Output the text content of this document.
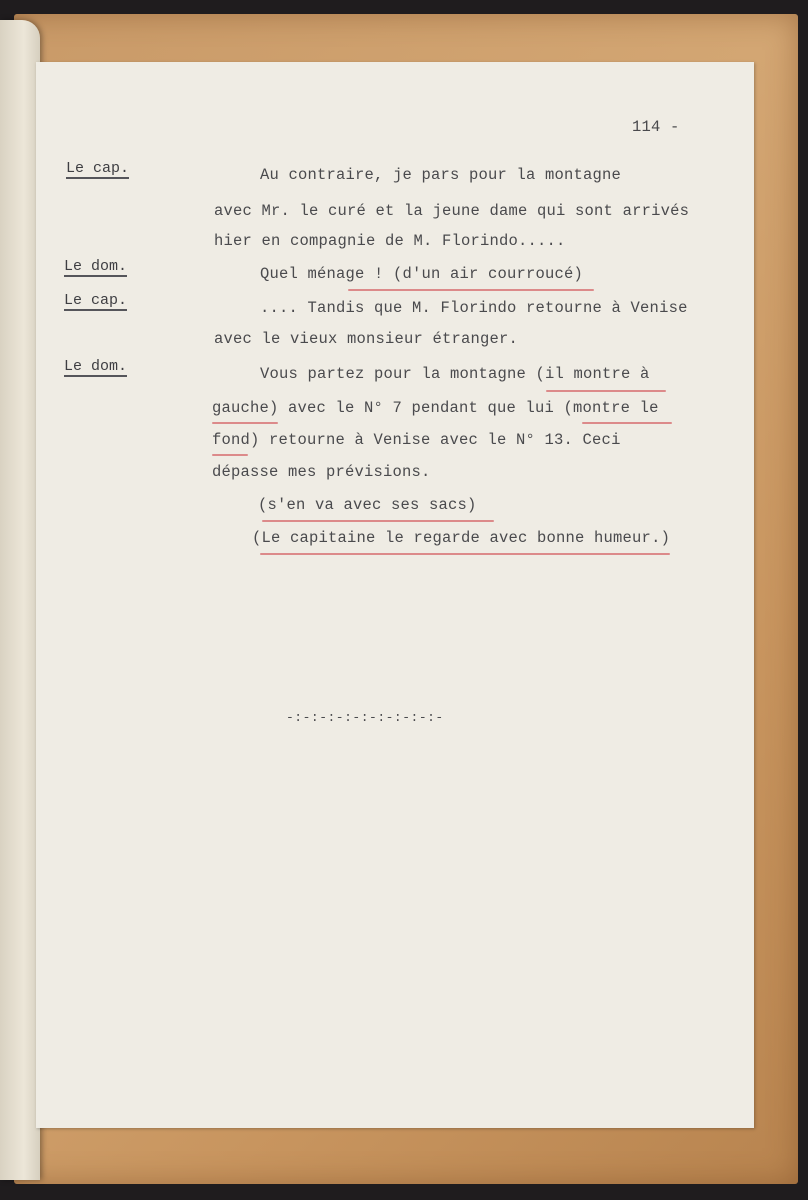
114 -
Le cap.
Le dom.
Le cap.
Le dom.
Au contraire, je pars pour la montagne
avec Mr. le curé et la jeune dame qui sont arrivés
hier en compagnie de M. Florindo.....
Quel ménage ! (d'un air courroucé)
.... Tandis que M. Florindo retourne à Venise
avec le vieux monsieur étranger.
Vous partez pour la montagne (il montre à
gauche) avec le N° 7 pendant que lui (montre le
fond) retourne à Venise avec le N° 13. Ceci
dépasse mes prévisions.
(s'en va avec ses sacs)
(Le capitaine le regarde avec bonne humeur.)
-:-:-:-:-:-:-:-:-:-
